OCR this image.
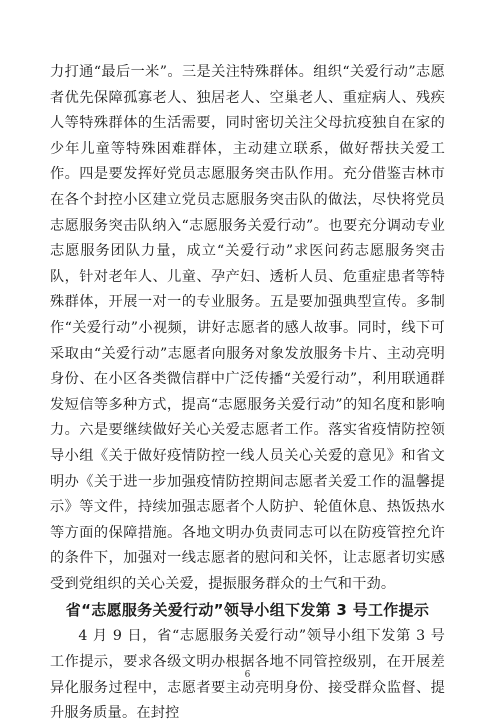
力打通“最后一米”。三是关注特殊群体。组织“关爱行动”志愿者优先保障孤寡老人、独居老人、空巢老人、重症病人、残疾人等特殊群体的生活需要，同时密切关注父母抗疫独自在家的少年儿童等特殊困难群体，主动建立联系，做好帮扶关爱工作。四是要发挥好党员志愿服务突击队作用。充分借鉴吉林市在各个封控小区建立党员志愿服务突击队的做法，尽快将党员志愿服务突击队纳入“志愿服务关爱行动”。也要充分调动专业志愿服务团队力量，成立“关爱行动”求医问药志愿服务突击队，针对老年人、儿童、孕产妇、透析人员、危重症患者等特殊群体，开展一对一的专业服务。五是要加强典型宣传。多制作“关爱行动”小视频，讲好志愿者的感人故事。同时，线下可采取由“关爱行动”志愿者向服务对象发放服务卡片、主动亮明身份、在小区各类微信群中广泛传播“关爱行动”，利用联通群发短信等多种方式，提高“志愿服务关爱行动”的知名度和影响力。六是要继续做好关心关爱志愿者工作。落实省疫情防控领导小组《关于做好疫情防控一线人员关心关爱的意见》和省文明办《关于进一步加强疫情防控期间志愿者关爱工作的温馨提示》等文件，持续加强志愿者个人防护、轮值休息、热饭热水等方面的保障措施。各地文明办负责同志可以在防疫管控允许的条件下，加强对一线志愿者的慰问和关怀，让志愿者切实感受到党组织的关心关爱，提振服务群众的士气和干劲。

省“志愿服务关爱行动”领导小组下发第 3 号工作提示

4 月 9 日，省“志愿服务关爱行动”领导小组下发第 3 号工作提示，要求各级文明办根据各地不同管控级别，在开展差异化服务过程中，志愿者要主动亮明身份、接受群众监督、提升服务质量。在封控

6
